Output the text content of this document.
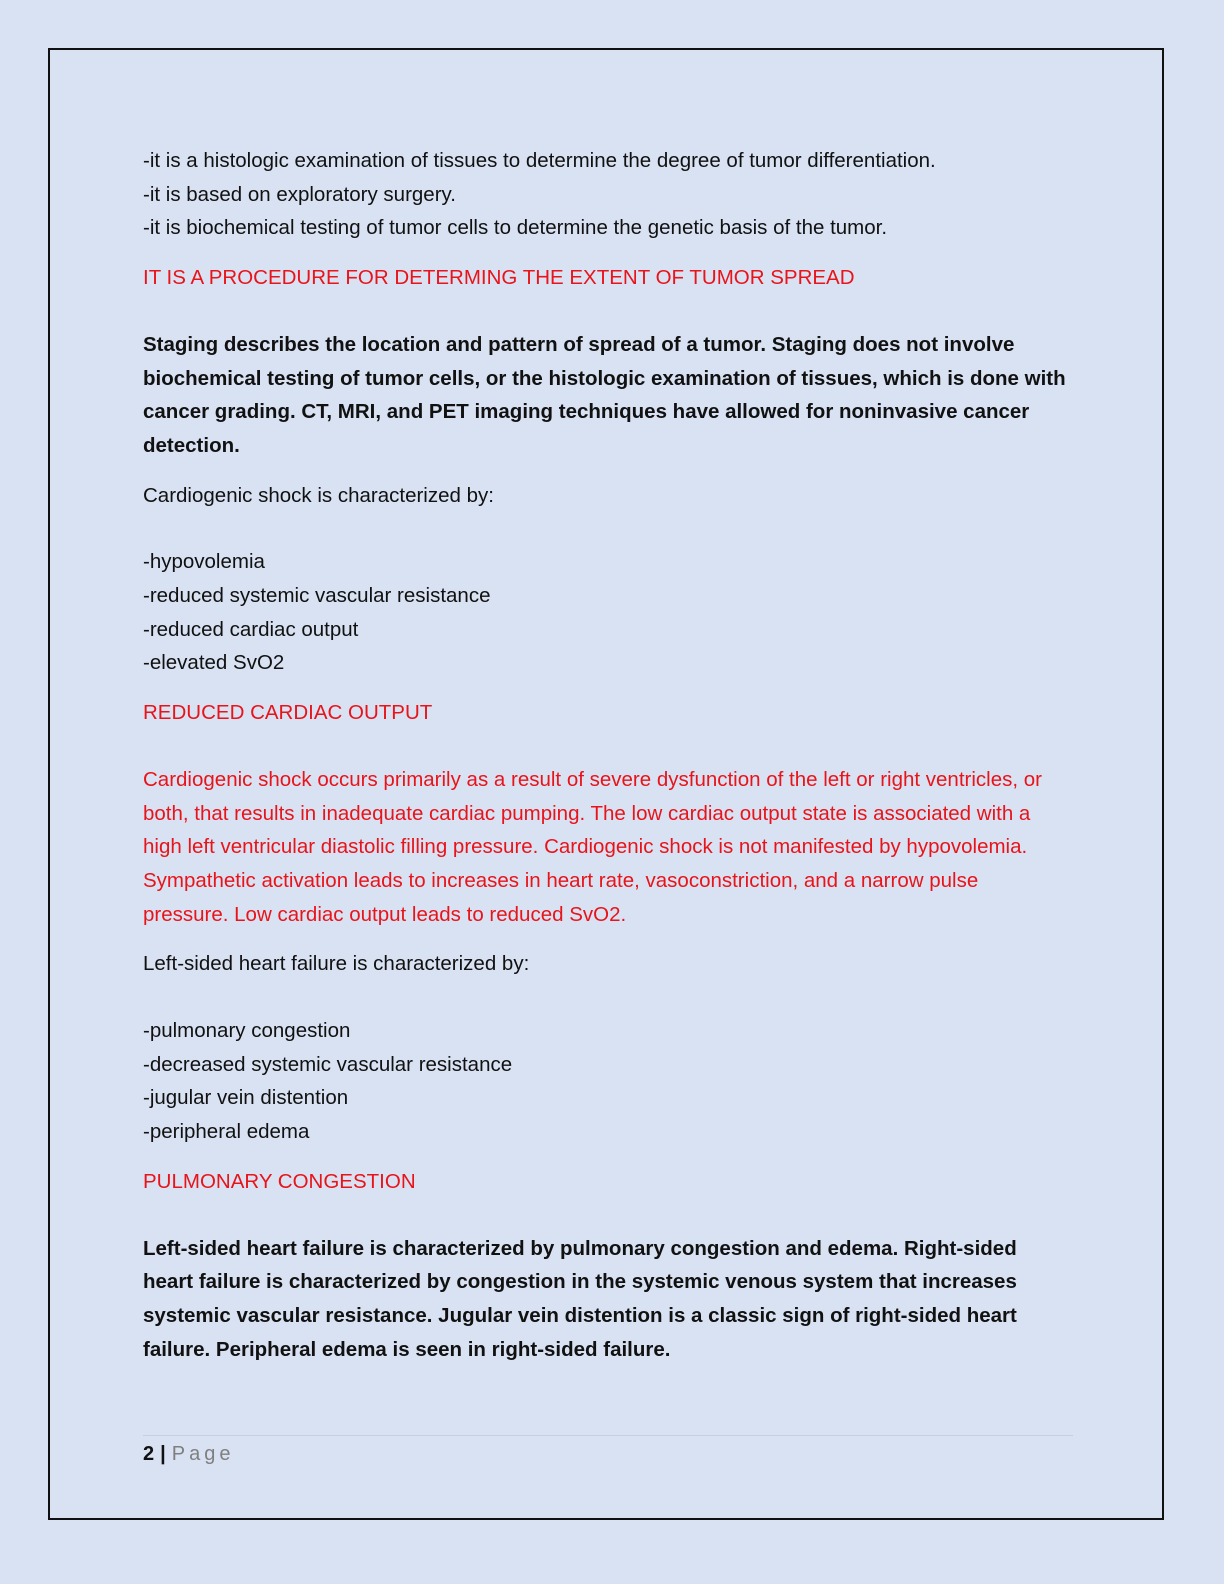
-it is a histologic examination of tissues to determine the degree of tumor differentiation.

-it is based on exploratory surgery.

-it is biochemical testing of tumor cells to determine the genetic basis of the tumor.

IT IS A PROCEDURE FOR DETERMING THE EXTENT OF TUMOR SPREAD

Staging describes the location and pattern of spread of a tumor. Staging does not involve biochemical testing of tumor cells, or the histologic examination of tissues, which is done with cancer grading. CT, MRI, and PET imaging techniques have allowed for noninvasive cancer detection.

Cardiogenic shock is characterized by:

-hypovolemia

-reduced systemic vascular resistance

-reduced cardiac output

-elevated SvO2

REDUCED CARDIAC OUTPUT

Cardiogenic shock occurs primarily as a result of severe dysfunction of the left or right ventricles, or both, that results in inadequate cardiac pumping. The low cardiac output state is associated with a high left ventricular diastolic filling pressure. Cardiogenic shock is not manifested by hypovolemia. Sympathetic activation leads to increases in heart rate, vasoconstriction, and a narrow pulse pressure. Low cardiac output leads to reduced SvO2.

Left-sided heart failure is characterized by:

-pulmonary congestion

-decreased systemic vascular resistance

-jugular vein distention

-peripheral edema

PULMONARY CONGESTION

Left-sided heart failure is characterized by pulmonary congestion and edema. Right-sided heart failure is characterized by congestion in the systemic venous system that increases systemic vascular resistance. Jugular vein distention is a classic sign of right-sided heart failure. Peripheral edema is seen in right-sided failure.

2 | Page
